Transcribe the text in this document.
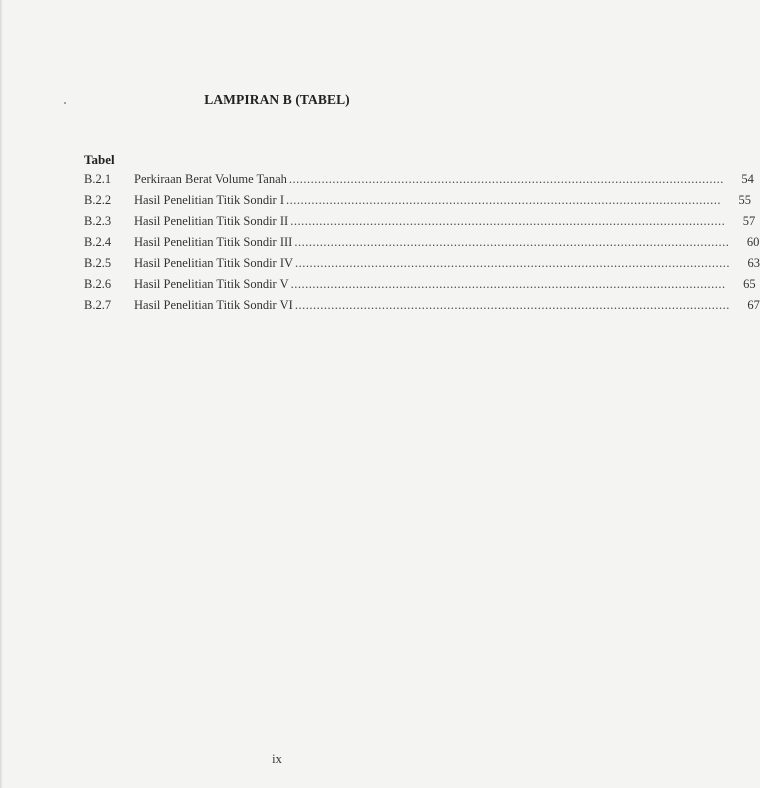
LAMPIRAN B (TABEL)
Tabel
B.2.1	Perkiraan Berat Volume Tanah ........................................................................................................................	54
B.2.2	Hasil Penelitian Titik Sondir I ........................................................................................................................	55
B.2.3	Hasil Penelitian Titik Sondir II ........................................................................................................................	57
B.2.4	Hasil Penelitian Titik Sondir III ........................................................................................................................	60
B.2.5	Hasil Penelitian Titik Sondir IV ........................................................................................................................	63
B.2.6	Hasil Penelitian Titik Sondir V ........................................................................................................................	65
B.2.7	Hasil Penelitian Titik Sondir VI ........................................................................................................................	67
ix
